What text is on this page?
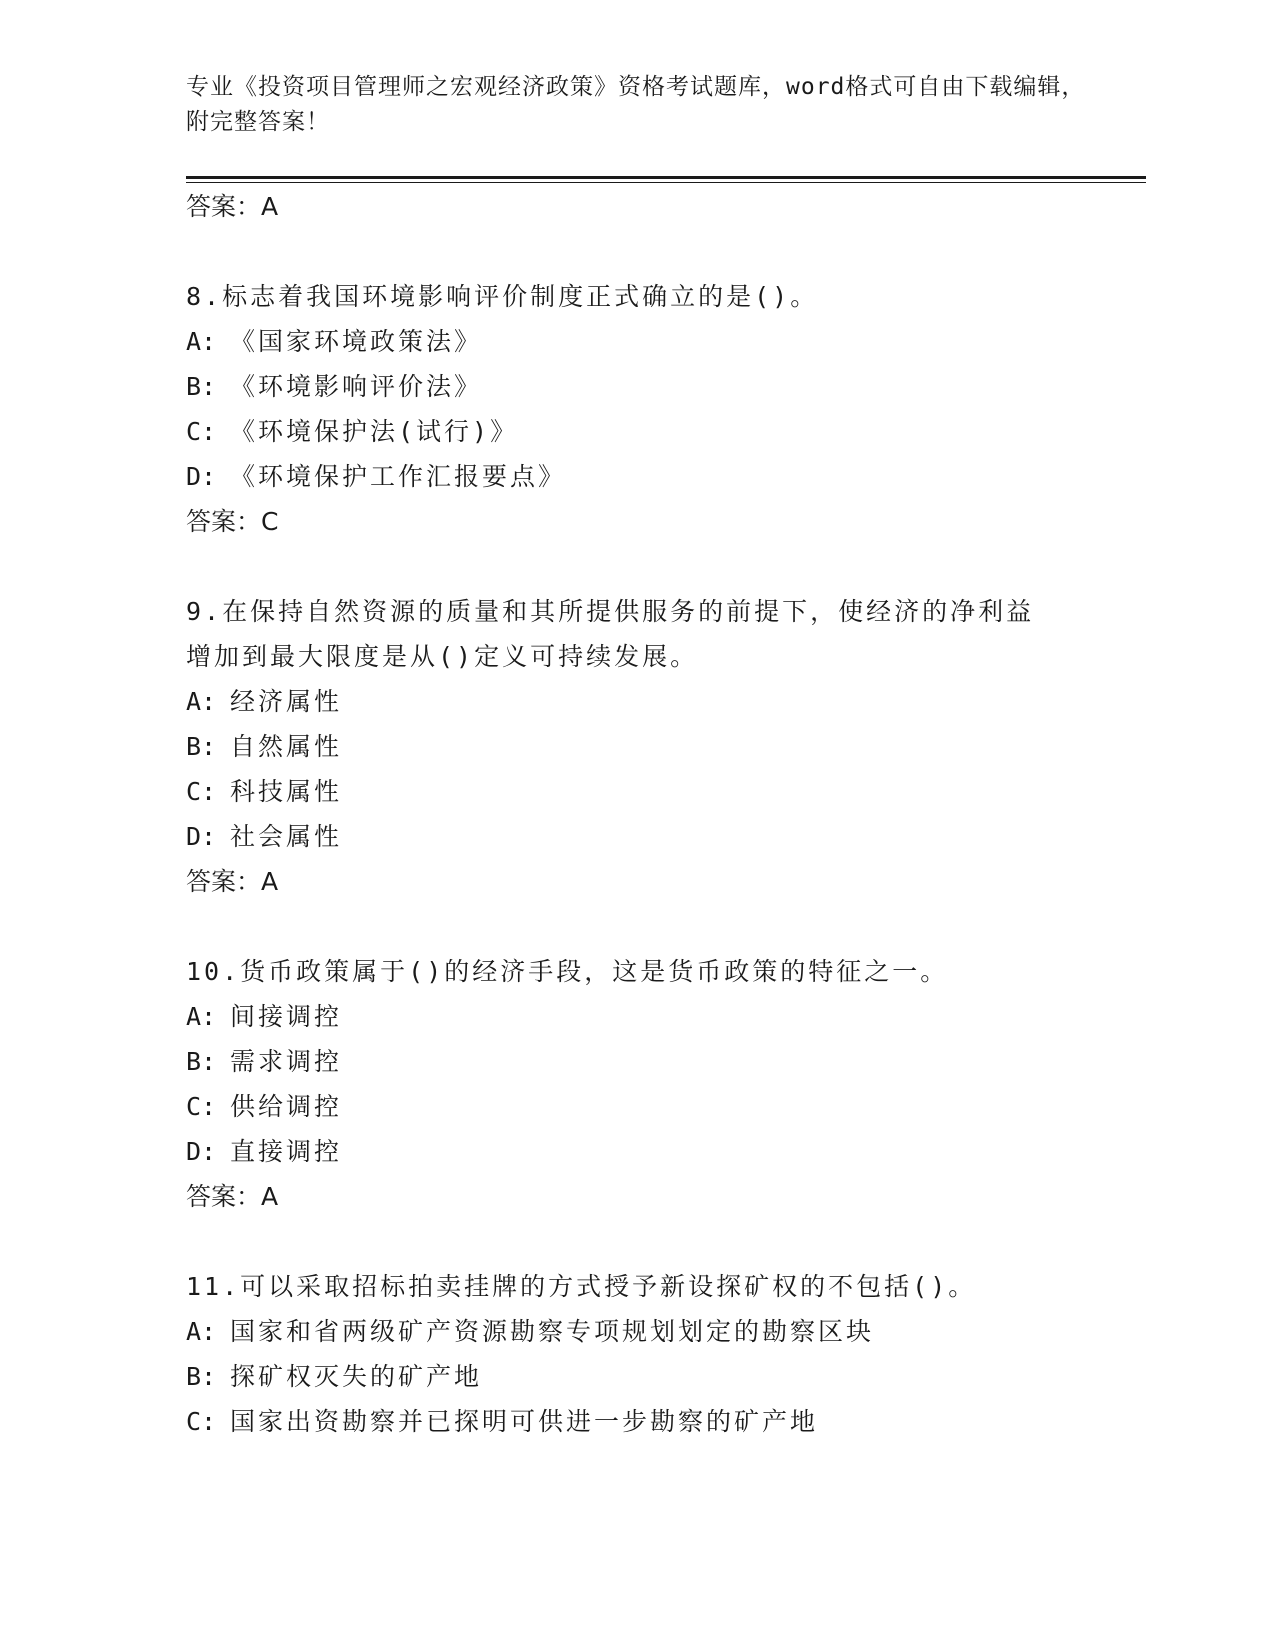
专业《投资项目管理师之宏观经济政策》资格考试题库，word格式可自由下载编辑，附完整答案！
答案：A
8.标志着我国环境影响评价制度正式确立的是()。
A: 《国家环境政策法》
B: 《环境影响评价法》
C: 《环境保护法(试行)》
D: 《环境保护工作汇报要点》
答案：C
9.在保持自然资源的质量和其所提供服务的前提下，使经济的净利益
增加到最大限度是从()定义可持续发展。
A: 经济属性
B: 自然属性
C: 科技属性
D: 社会属性
答案：A
10.货币政策属于()的经济手段，这是货币政策的特征之一。
A: 间接调控
B: 需求调控
C: 供给调控
D: 直接调控
答案：A
11.可以采取招标拍卖挂牌的方式授予新设探矿权的不包括()。
A: 国家和省两级矿产资源勘察专项规划划定的勘察区块
B: 探矿权灭失的矿产地
C: 国家出资勘察并已探明可供进一步勘察的矿产地
